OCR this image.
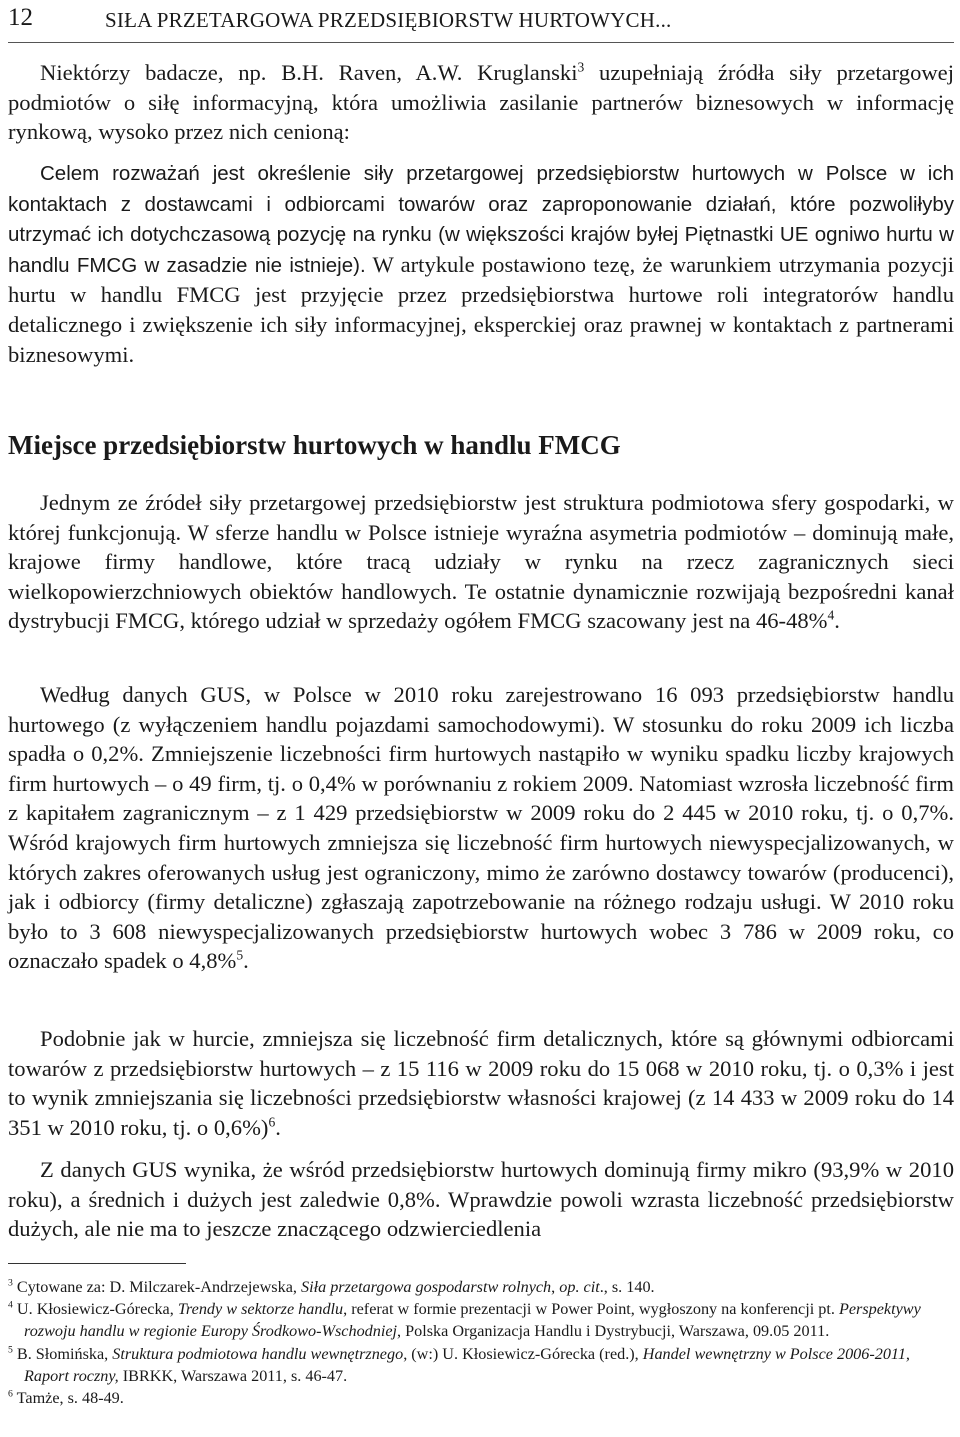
12	SIŁA PRZETARGOWA PRZEDSIĘBIORSTW HURTOWYCH...
Niektórzy badacze, np. B.H. Raven, A.W. Kruglanski$^3$ uzupełniają źródła siły przetargowej podmiotów o siłę informacyjną, która umożliwia zasilanie partnerów biznesowych w informację rynkową, wysoko przez nich cenioną:
Celem rozważań jest określenie siły przetargowej przedsiębiorstw hurtowych w Polsce w ich kontaktach z dostawcami i odbiorcami towarów oraz zaproponowanie działań, które pozwoliłyby utrzymać ich dotychczasową pozycję na rynku (w większości krajów byłej Piętnastki UE ogniwo hurtu w handlu FMCG w zasadzie nie istnieje). W artykule postawiono tezę, że warunkiem utrzymania pozycji hurtu w handlu FMCG jest przyjęcie przez przedsiębiorstwa hurtowe roli integratorów handlu detalicznego i zwiększenie ich siły informacyjnej, eksperckiej oraz prawnej w kontaktach z partnerami biznesowymi.
Miejsce przedsiębiorstw hurtowych w handlu FMCG
Jednym ze źródeł siły przetargowej przedsiębiorstw jest struktura podmiotowa sfery gospodarki, w której funkcjonują. W sferze handlu w Polsce istnieje wyraźna asymetria podmiotów – dominują małe, krajowe firmy handlowe, które tracą udziały w rynku na rzecz zagranicznych sieci wielkopowierzchniowych obiektów handlowych. Te ostatnie dynamicznie rozwijają bezpośredni kanał dystrybucji FMCG, którego udział w sprzedaży ogółem FMCG szacowany jest na 46-48%$^4$.
Według danych GUS, w Polsce w 2010 roku zarejestrowano 16 093 przedsiębiorstw handlu hurtowego (z wyłączeniem handlu pojazdami samochodowymi). W stosunku do roku 2009 ich liczba spadła o 0,2%. Zmniejszenie liczebności firm hurtowych nastąpiło w wyniku spadku liczby krajowych firm hurtowych – o 49 firm, tj. o 0,4% w porównaniu z rokiem 2009. Natomiast wzrosła liczebność firm z kapitałem zagranicznym – z 1 429 przedsiębiorstw w 2009 roku do 2 445 w 2010 roku, tj. o 0,7%. Wśród krajowych firm hurtowych zmniejsza się liczebność firm hurtowych niewyspecjalizowanych, w których zakres oferowanych usług jest ograniczony, mimo że zarówno dostawcy towarów (producenci), jak i odbiorcy (firmy detaliczne) zgłaszają zapotrzebowanie na różnego rodzaju usługi. W 2010 roku było to 3 608 niewyspecjalizowanych przedsiębiorstw hurtowych wobec 3 786 w 2009 roku, co oznaczało spadek o 4,8%$^5$.
Podobnie jak w hurcie, zmniejsza się liczebność firm detalicznych, które są głównymi odbiorcami towarów z przedsiębiorstw hurtowych – z 15 116 w 2009 roku do 15 068 w 2010 roku, tj. o 0,3% i jest to wynik zmniejszania się liczebności przedsiębiorstw własności krajowej (z 14 433 w 2009 roku do 14 351 w 2010 roku, tj. o 0,6%)$^6$.
Z danych GUS wynika, że wśród przedsiębiorstw hurtowych dominują firmy mikro (93,9% w 2010 roku), a średnich i dużych jest zaledwie 0,8%. Wprawdzie powoli wzrasta liczebność przedsiębiorstw dużych, ale nie ma to jeszcze znaczącego odzwierciedlenia

$^3$ Cytowane za: D. Milczarek-Andrzejewska, Siła przetargowa gospodarstw rolnych, op. cit., s. 140.

$^4$ U. Kłosiewicz-Górecka, Trendy w sektorze handlu, referat w formie prezentacji w Power Point, wygłoszony na konferencji pt. Perspektywy rozwoju handlu w regionie Europy Środkowo-Wschodniej, Polska Organizacja Handlu i Dystrybucji, Warszawa, 09.05 2011.

$^5$ B. Słomińska, Struktura podmiotowa handlu wewnętrznego, (w:) U. Kłosiewicz-Górecka (red.), Handel wewnętrzny w Polsce 2006-2011, Raport roczny, IBRKK, Warszawa 2011, s. 46-47.

$^6$ Tamże, s. 48-49.
